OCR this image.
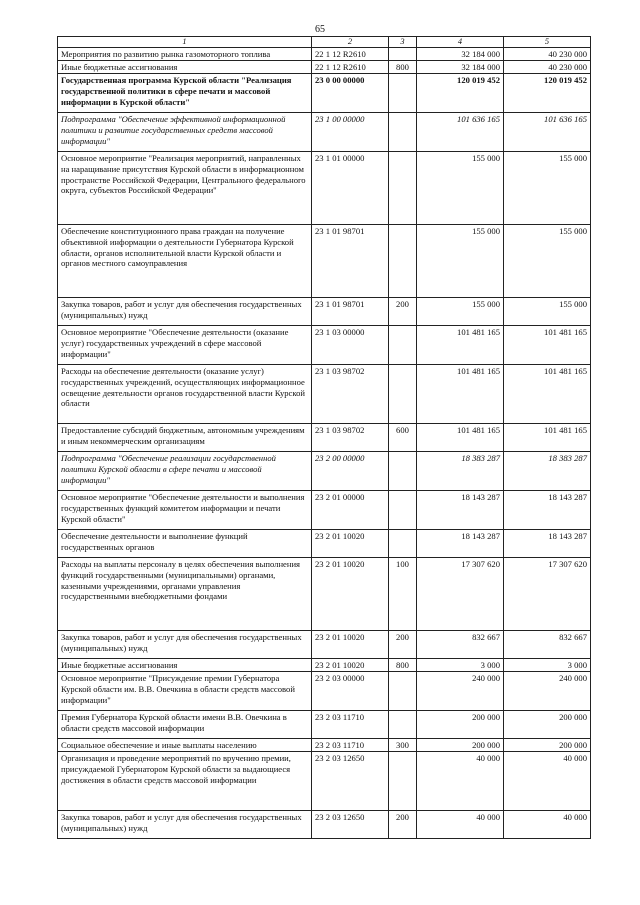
65
1	2	3	4	5
Мероприятия по развитию рынка газомоторного топлива	22 1 12 R2610		32 184 000	40 230 000
Иные бюджетные ассигнования	22 1 12 R2610	800	32 184 000	40 230 000
Государственная программа Курской области "Реализация государственной политики в сфере печати и массовой информации в Курской области"	23 0 00 00000		120 019 452	120 019 452
Подпрограмма "Обеспечение эффективной информационной политики и развитие государственных средств массовой информации"	23 1 00 00000		101 636 165	101 636 165
Основное мероприятие "Реализация мероприятий, направленных на наращивание присутствия Курской области в информационном пространстве Российской Федерации, Центрального федерального округа, субъектов Российской Федерации"	23 1 01 00000		155 000	155 000
Обеспечение конституционного права граждан на получение объективной информации о деятельности Губернатора Курской области, органов исполнительной власти Курской области и органов местного самоуправления	23 1 01 98701		155 000	155 000
Закупка товаров, работ и услуг для обеспечения государственных (муниципальных) нужд	23 1 01 98701	200	155 000	155 000
Основное мероприятие "Обеспечение деятельности (оказание услуг) государственных учреждений в сфере массовой информации"	23 1 03 00000		101 481 165	101 481 165
Расходы на обеспечение деятельности (оказание услуг) государственных учреждений, осуществляющих информационное освещение деятельности органов государственной власти Курской области	23 1 03 98702		101 481 165	101 481 165
Предоставление субсидий бюджетным, автономным учреждениям и иным некоммерческим организациям	23 1 03 98702	600	101 481 165	101 481 165
Подпрограмма "Обеспечение реализации государственной политики Курской области в сфере печати и массовой информации"	23 2 00 00000		18 383 287	18 383 287
Основное мероприятие "Обеспечение деятельности и выполнения государственных функций комитетом информации и печати Курской области"	23 2 01 00000		18 143 287	18 143 287
Обеспечение деятельности и выполнение функций государственных органов	23 2 01 10020		18 143 287	18 143 287
Расходы на выплаты персоналу в целях обеспечения выполнения функций государственными (муниципальными) органами, казенными учреждениями, органами управления государственными внебюджетными фондами	23 2 01 10020	100	17 307 620	17 307 620
Закупка товаров, работ и услуг для обеспечения государственных (муниципальных) нужд	23 2 01 10020	200	832 667	832 667
Иные бюджетные ассигнования	23 2 01 10020	800	3 000	3 000
Основное мероприятие "Присуждение премии Губернатора Курской области им. В.В. Овечкина в области средств массовой информации"	23 2 03 00000		240 000	240 000
Премия Губернатора Курской области имени В.В. Овечкина в области средств массовой информации	23 2 03 11710		200 000	200 000
Социальное обеспечение и иные выплаты населению	23 2 03 11710	300	200 000	200 000
Организация и проведение мероприятий по вручению премии, присуждаемой Губернатором Курской области за выдающиеся достижения в области средств массовой информации	23 2 03 12650		40 000	40 000
Закупка товаров, работ и услуг для обеспечения государственных (муниципальных) нужд	23 2 03 12650	200	40 000	40 000
